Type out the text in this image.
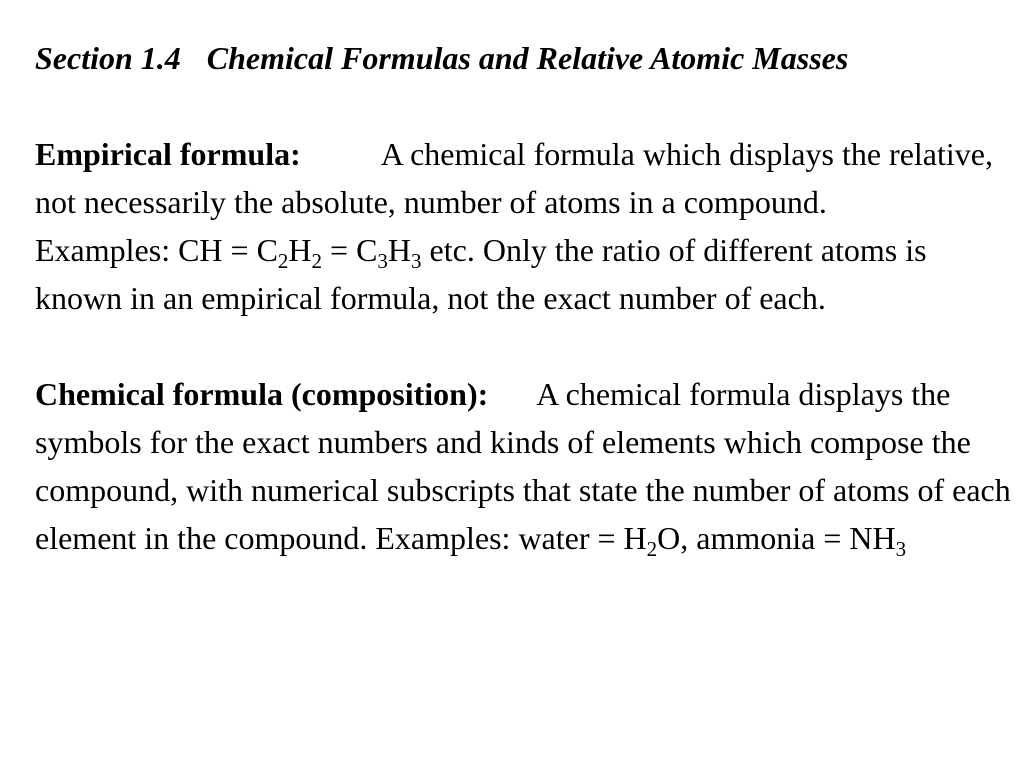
Section 1.4 Chemical Formulas and Relative Atomic Masses

Empirical formula:	A chemical formula which displays the relative, not necessarily the absolute, number of atoms in a compound.

Examples: CH = $C_2H_2 = C_3H_3$ etc. Only the ratio of different atoms is known in an empirical formula, not the exact number of each.

Chemical formula (composition): A chemical formula displays the symbols for the exact numbers and kinds of elements which compose the compound, with numerical subscripts that state the number of atoms of each element in the compound. Examples: water = $H_2O$, ammonia = $NH_3$
